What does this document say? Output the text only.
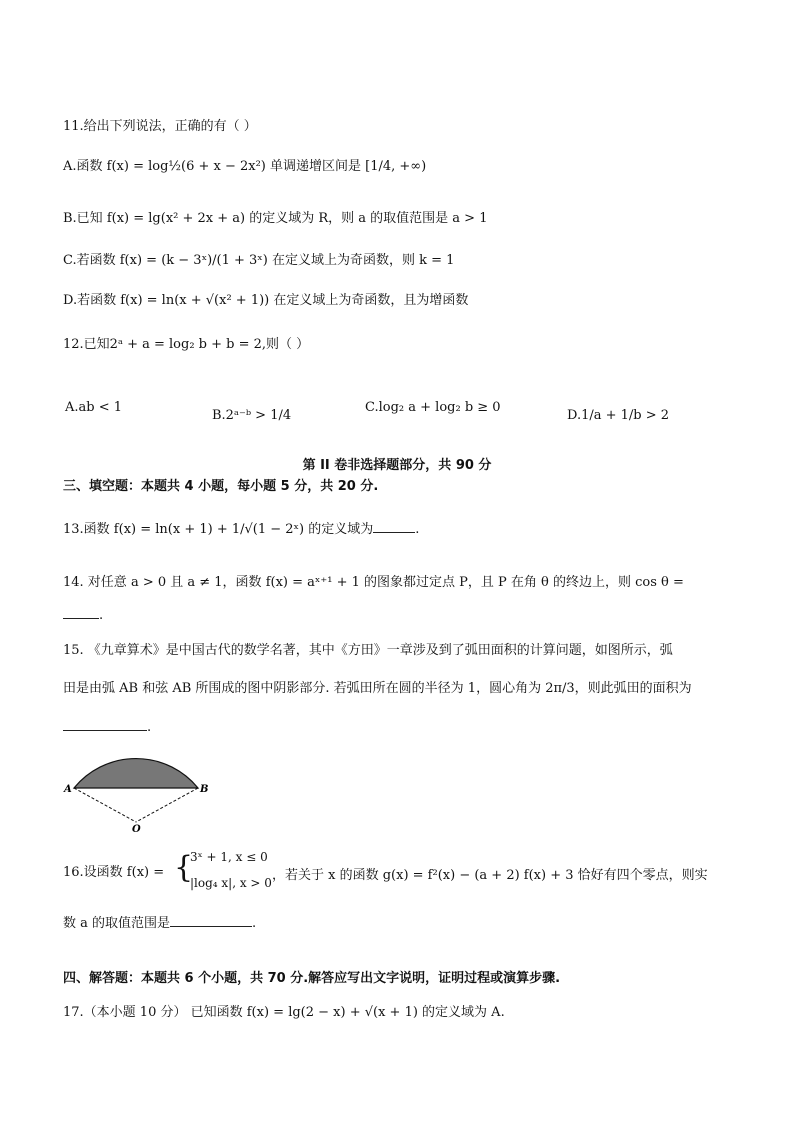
11.给出下列说法，正确的有（ ）
A.函数 f(x) = log½(6 + x − 2x²) 单调递增区间是 [1/4, +∞)
B.已知 f(x) = lg(x² + 2x + a) 的定义域为 R，则 a 的取值范围是 a > 1
C.若函数 f(x) = (k − 3ˣ)/(1 + 3ˣ) 在定义域上为奇函数，则 k = 1
D.若函数 f(x) = ln(x + √(x² + 1)) 在定义域上为奇函数，且为增函数
12.已知2ᵃ + a = log₂ b + b = 2,则（ ）
A.ab < 1
B.2ᵃ⁻ᵇ > 1/4
C.log₂ a + log₂ b ≥ 0
D.1/a + 1/b > 2
第 II 卷非选择题部分，共 90 分
三、填空题：本题共 4 小题，每小题 5 分，共 20 分.
13.函数 f(x) = ln(x + 1) + 1/√(1 − 2ˣ) 的定义域为	.
14. 对任意 a > 0 且 a ≠ 1，函数 f(x) = aˣ⁺¹ + 1 的图象都过定点 P，且 P 在角 θ 的终边上，则 cos θ =
.
15. 《九章算术》是中国古代的数学名著，其中《方田》一章涉及到了弧田面积的计算问题，如图所示，弧
田是由弧 AB 和弦 AB 所围成的图中阴影部分. 若弧田所在圆的半径为 1，圆心角为 2π/3，则此弧田的面积为
.
A	B
O
16.设函数 f(x) = {
3ˣ + 1, x ≤ 0
|log₄ x|, x > 0 ，若关于 x 的函数 g(x) = f²(x) − (a + 2) f(x) + 3 恰好有四个零点，则实
数 a 的取值范围是	.
四、解答题：本题共 6 个小题，共 70 分.解答应写出文字说明，证明过程或演算步骤.
17.（本小题 10 分） 已知函数 f(x) = lg(2 − x) + √(x + 1) 的定义域为 A.
